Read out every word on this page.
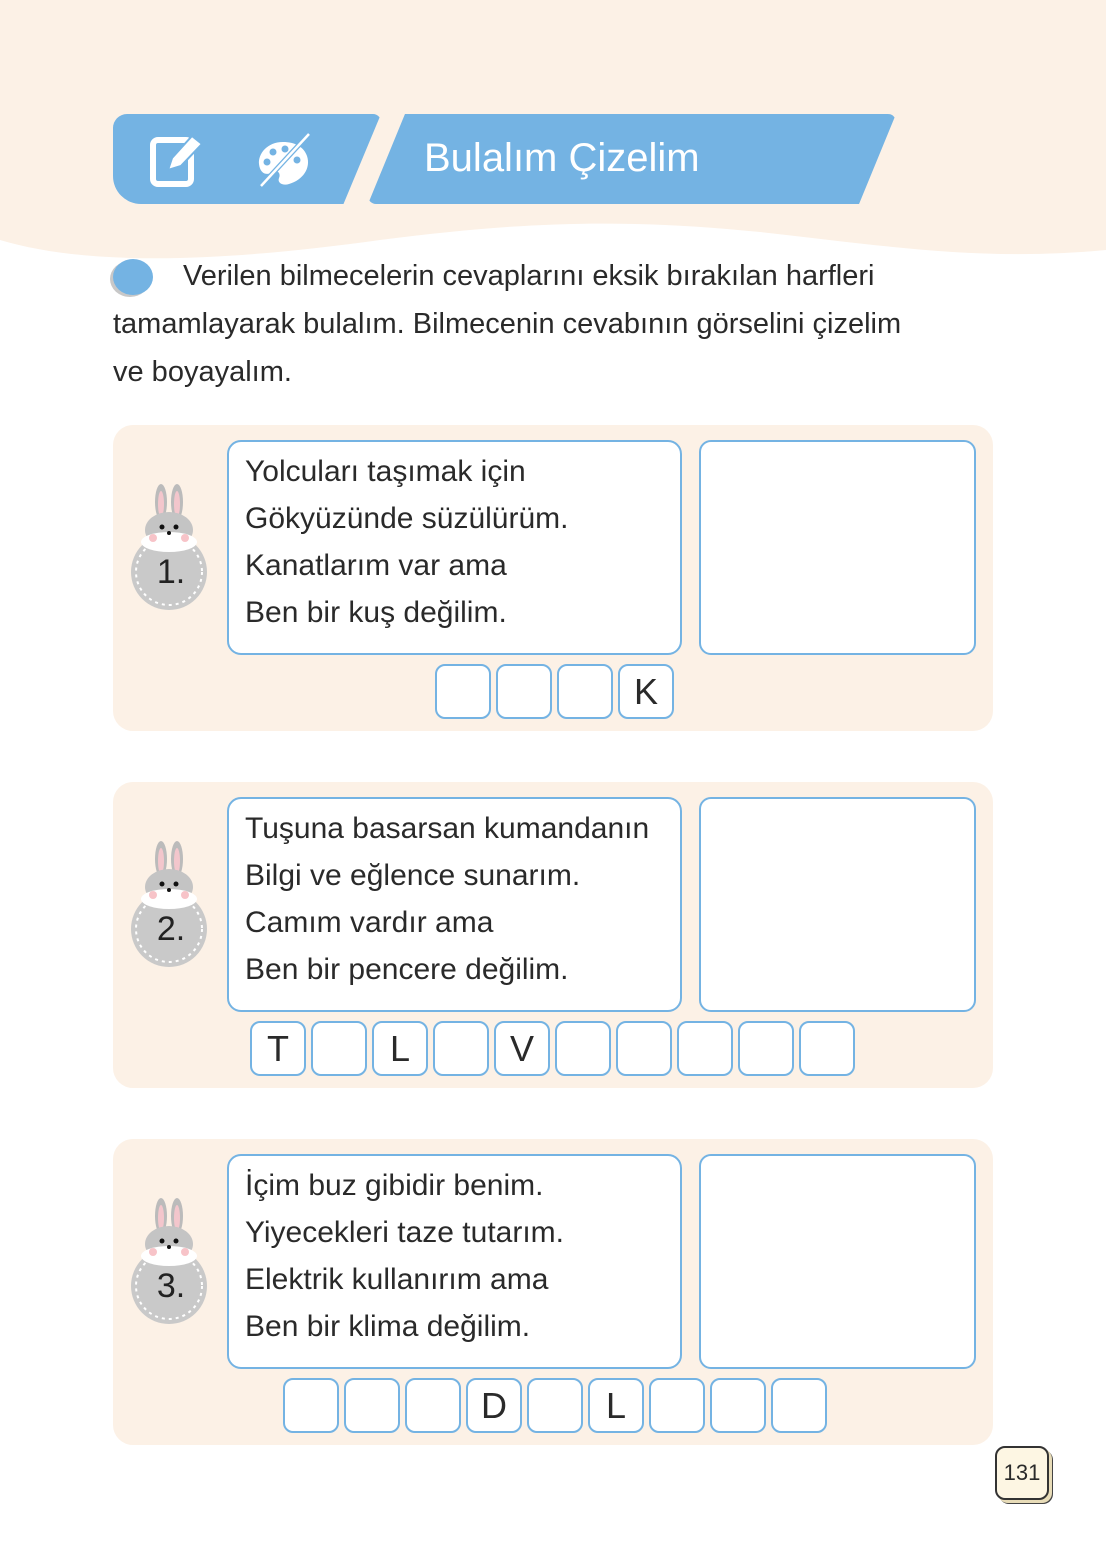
Bulalım Çizelim
Verilen bilmecelerin cevaplarını eksik bırakılan harfleri tamamlayarak bulalım. Bilmecenin cevabının görselini çizelim ve boyayalım.
1.
Yolcuları taşımak için
Gökyüzünde süzülürüm.
Kanatlarım var ama
Ben bir kuş değilim.
K
2.
Tuşuna basarsan kumandanın
Bilgi ve eğlence sunarım.
Camım vardır ama
Ben bir pencere değilim.
T	L	V
3.
İçim buz gibidir benim.
Yiyecekleri taze tutarım.
Elektrik kullanırım ama
Ben bir klima değilim.
D	L
131
